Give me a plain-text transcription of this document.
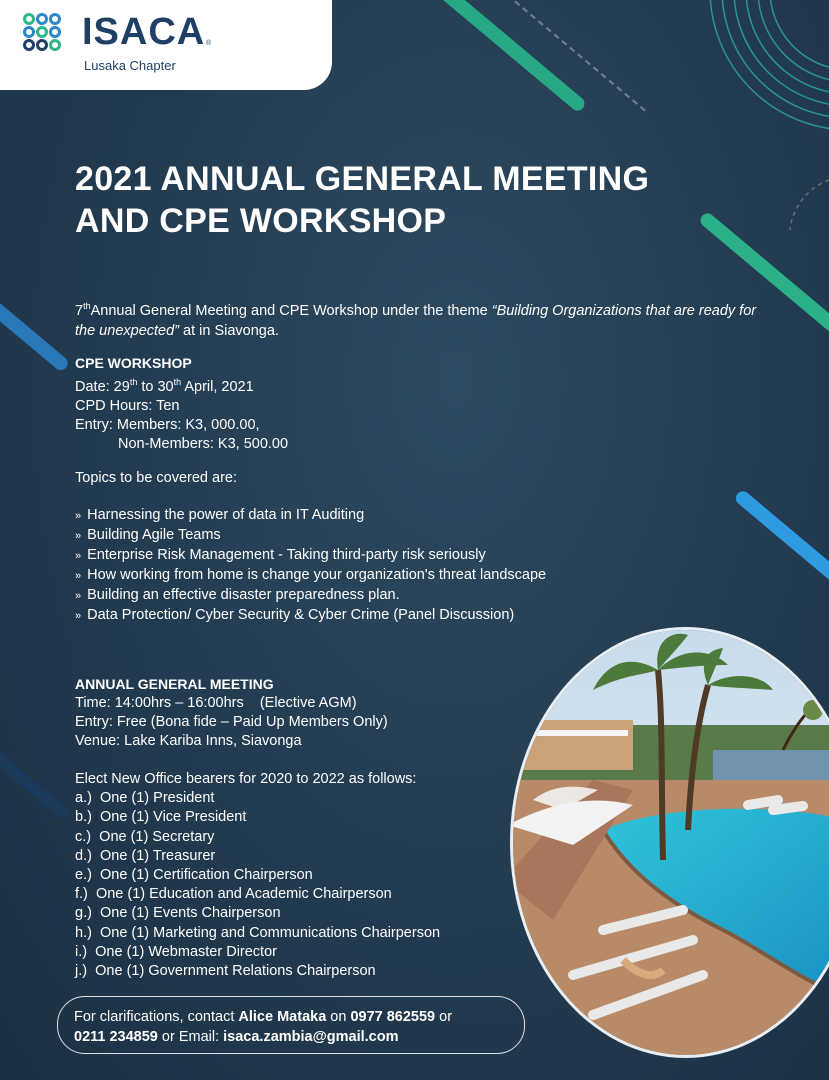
ISACA ®
Lusaka Chapter
2021 ANNUAL GENERAL MEETING
AND CPE WORKSHOP
7thAnnual General Meeting and CPE Workshop under the theme “Building Organizations that are ready for the unexpected” at in Siavonga.
CPE WORKSHOP
Date: 29th to 30th April, 2021
CPD Hours: Ten
Entry: Members: K3, 000.00,
Non-Members: K3, 500.00
Topics to be covered are:
» Harnessing the power of data in IT Auditing
» Building Agile Teams
» Enterprise Risk Management - Taking third-party risk seriously
» How working from home is change your organization's threat landscape
» Building an effective disaster preparedness plan.
» Data Protection/ Cyber Security & Cyber Crime (Panel Discussion)
ANNUAL GENERAL MEETING
Time: 14:00hrs – 16:00hrs    (Elective AGM)
Entry: Free (Bona fide – Paid Up Members Only)
Venue: Lake Kariba Inns, Siavonga
Elect New Office bearers for 2020 to 2022 as follows:
a.)  One (1) President
b.)  One (1) Vice President
c.)  One (1) Secretary
d.)  One (1) Treasurer
e.)  One (1) Certification Chairperson
f.)  One (1) Education and Academic Chairperson
g.)  One (1) Events Chairperson
h.)  One (1) Marketing and Communications Chairperson
i.)  One (1) Webmaster Director
j.)  One (1) Government Relations Chairperson
For clarifications, contact Alice Mataka on 0977 862559 or
0211 234859 or Email: isaca.zambia@gmail.com
